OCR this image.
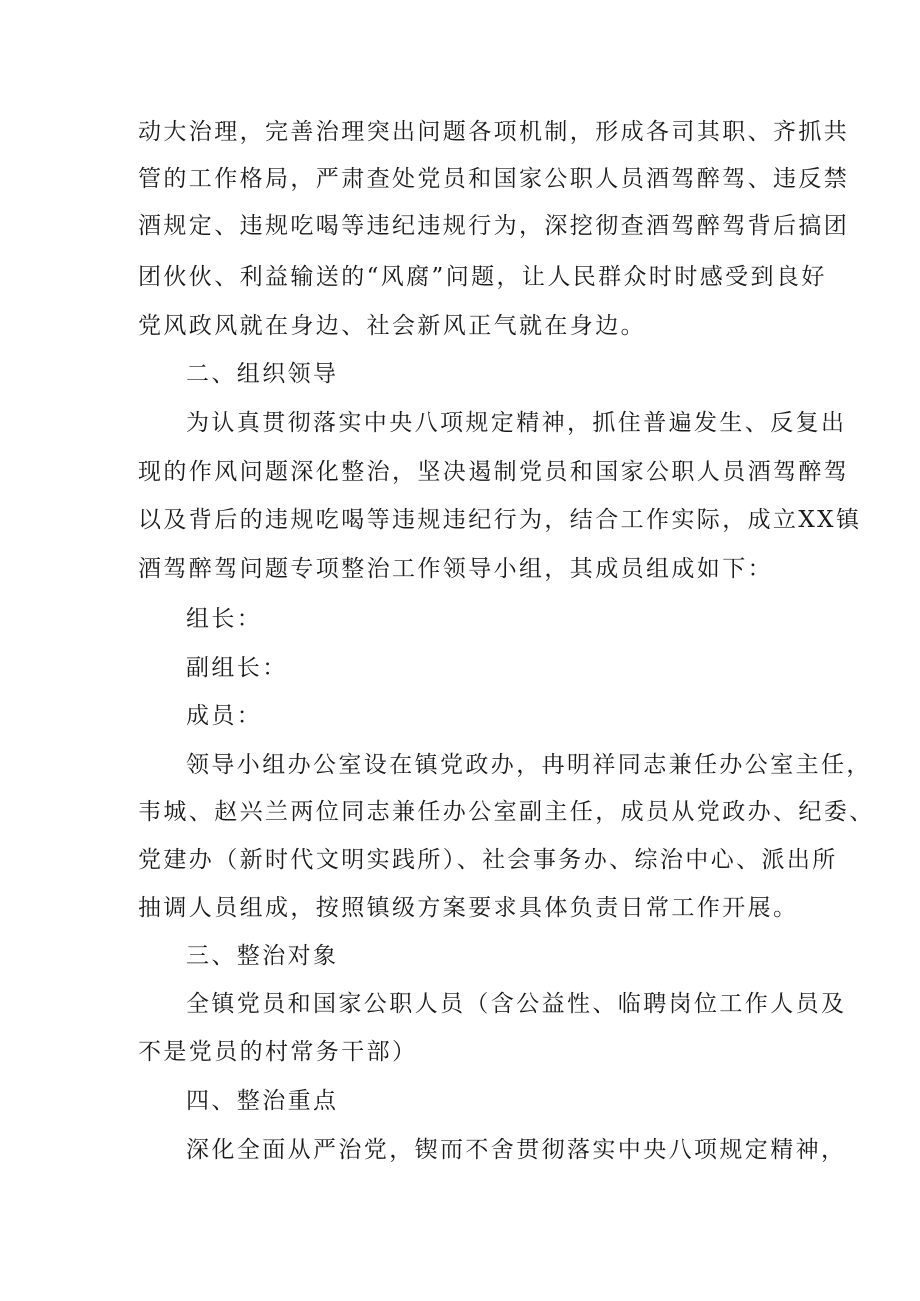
动大治理，完善治理突出问题各项机制，形成各司其职、齐抓共
管的工作格局，严肃查处党员和国家公职人员酒驾醉驾、违反禁
酒规定、违规吃喝等违纪违规行为，深挖彻查酒驾醉驾背后搞团
团伙伙、利益输送的“风腐”问题，让人民群众时时感受到良好
党风政风就在身边、社会新风正气就在身边。
二、组织领导
为认真贯彻落实中央八项规定精神，抓住普遍发生、反复出
现的作风问题深化整治，坚决遏制党员和国家公职人员酒驾醉驾
以及背后的违规吃喝等违规违纪行为，结合工作实际，成立XX镇
酒驾醉驾问题专项整治工作领导小组，其成员组成如下：
组长：
副组长：
成员：
领导小组办公室设在镇党政办，冉明祥同志兼任办公室主任，
韦城、赵兴兰两位同志兼任办公室副主任，成员从党政办、纪委、
党建办（新时代文明实践所）、社会事务办、综治中心、派出所
抽调人员组成，按照镇级方案要求具体负责日常工作开展。
三、整治对象
全镇党员和国家公职人员（含公益性、临聘岗位工作人员及
不是党员的村常务干部）
四、整治重点
深化全面从严治党，锲而不舍贯彻落实中央八项规定精神，
